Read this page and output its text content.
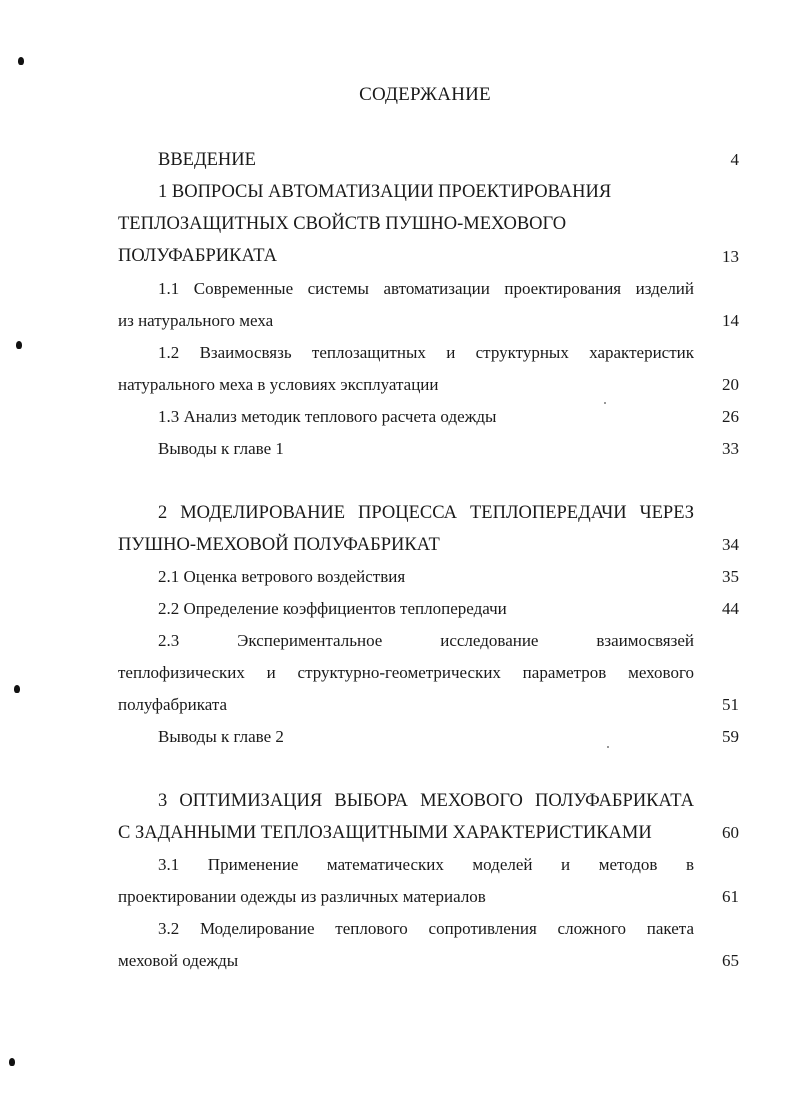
СОДЕРЖАНИЕ
ВВЕДЕНИЕ	4
1 ВОПРОСЫ АВТОМАТИЗАЦИИ ПРОЕКТИРОВАНИЯ
ТЕПЛОЗАЩИТНЫХ СВОЙСТВ ПУШНО-МЕХОВОГО
ПОЛУФАБРИКАТА	13
1.1 Современные системы автоматизации проектирования изделий
из натурального меха	14
1.2 Взаимосвязь теплозащитных и структурных характеристик
натурального меха в условиях эксплуатации	20
1.3 Анализ методик теплового расчета одежды	26
Выводы к главе 1	33
2 МОДЕЛИРОВАНИЕ ПРОЦЕССА ТЕПЛОПЕРЕДАЧИ ЧЕРЕЗ
ПУШНО-МЕХОВОЙ ПОЛУФАБРИКАТ	34
2.1 Оценка ветрового воздействия	35
2.2 Определение коэффициентов теплопередачи	44
2.3 Экспериментальное исследование взаимосвязей
теплофизических и структурно-геометрических параметров мехового
полуфабриката	51
Выводы к главе 2	59
3 ОПТИМИЗАЦИЯ ВЫБОРА МЕХОВОГО ПОЛУФАБРИКАТА
С ЗАДАННЫМИ ТЕПЛОЗАЩИТНЫМИ ХАРАКТЕРИСТИКАМИ	60
3.1 Применение математических моделей и методов в
проектировании одежды из различных материалов	61
3.2 Моделирование теплового сопротивления сложного пакета
меховой одежды	65
